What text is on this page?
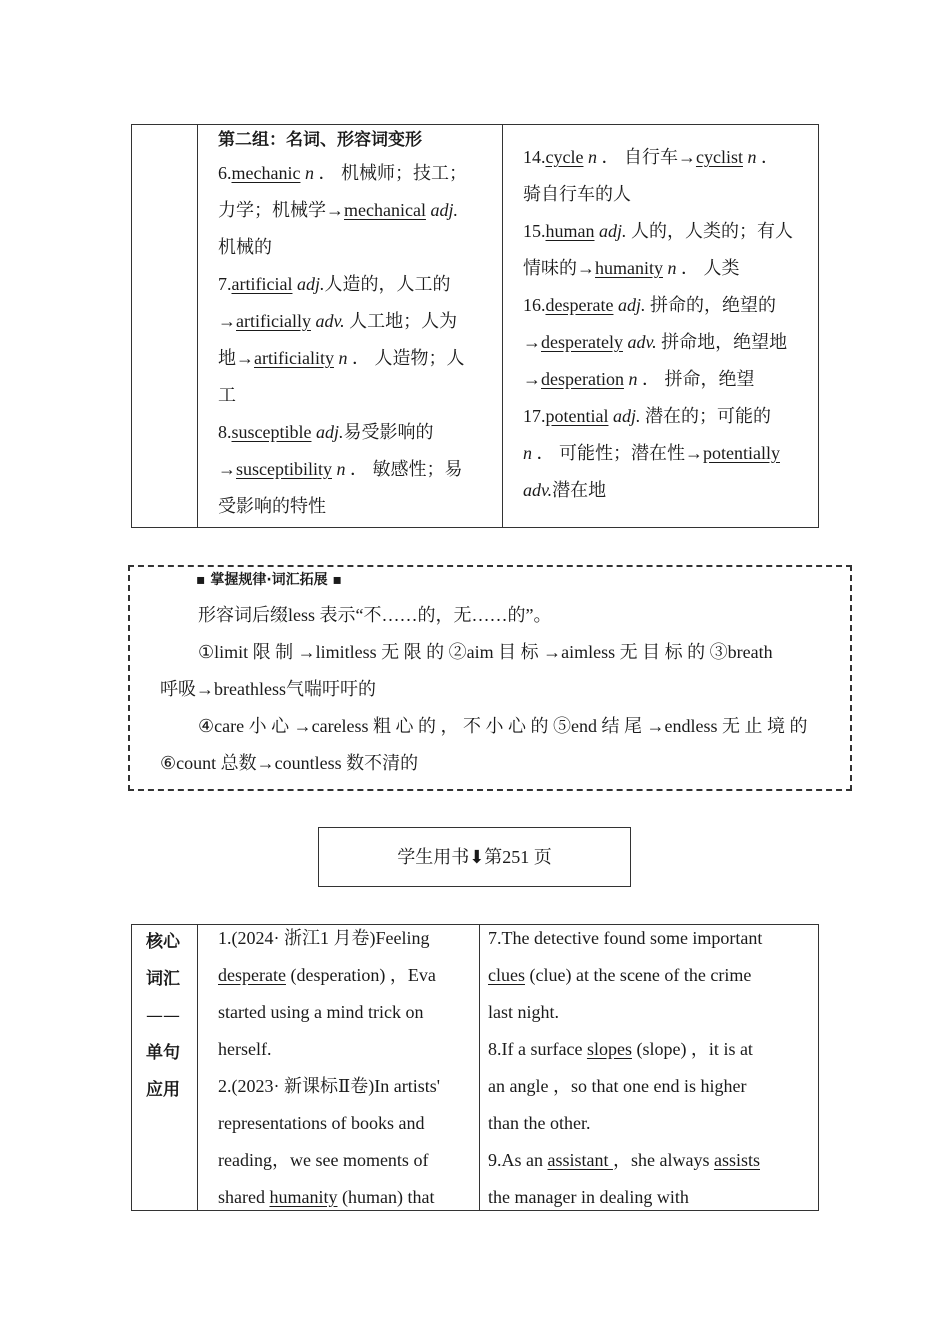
第二组：名词、形容词变形
6.mechanic n ． 机械师；技工；
力学；机械学→mechanical adj.
机械的
7.artificial adj.人造的，人工的
→artificially adv. 人工地；人为
地→artificiality n ． 人造物；人
工
8.susceptible adj.易受影响的
→susceptibility n ． 敏感性；易
受影响的特性
14.cycle n ． 自行车→cyclist n ．
骑自行车的人
15.human adj. 人的，人类的；有人
情味的→humanity n ． 人类
16.desperate adj. 拼命的，绝望的
→desperately adv. 拼命地，绝望地
→desperation n ． 拼命，绝望
17.potential adj. 潜在的；可能的
n ． 可能性；潜在性→potentially
adv.潜在地
▪ 掌握规律·词汇拓展 ▪
形容词后缀less 表示“不……的，无……的”。
①limit 限 制 →limitless 无 限 的 ②aim 目 标 →aimless 无 目 标 的 ③breath
呼吸→breathless气喘吁吁的
④care 小 心 →careless 粗 心 的 ， 不 小 心 的 ⑤end 结 尾 →endless 无 止 境 的
⑥count 总数→countless 数不清的
学生用书⬇第251 页
核心
词汇
——
单句
应用
1.(2024· 浙江1 月卷)Feeling
desperate (desperation) ，Eva
started using a mind trick on
herself.
2.(2023· 新课标Ⅱ卷)In artists'
representations of books and
reading，we see moments of
shared humanity (human) that
7.The detective found some important
clues (clue) at the scene of the crime
last night.
8.If a surface slopes (slope) ，it is at
an angle ，so that one end is higher
than the other.
9.As an assistant ，she always assists
the manager in dealing with
